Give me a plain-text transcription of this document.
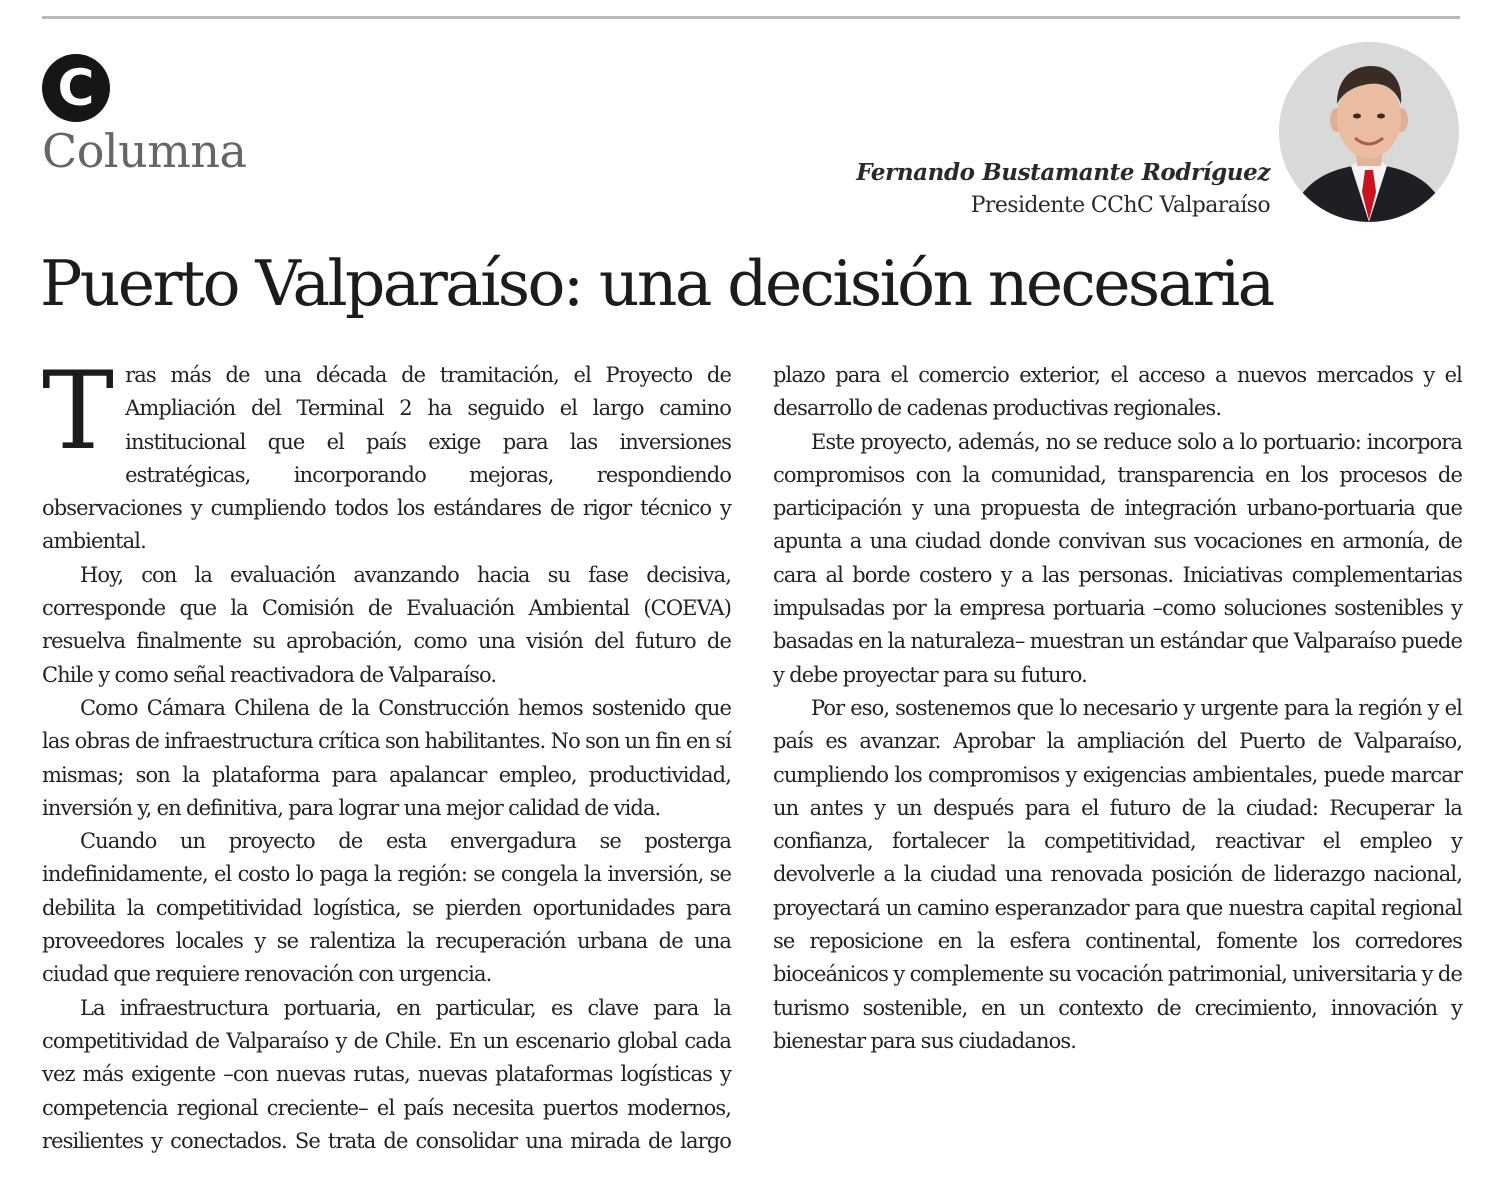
C
Columna	Fernando Bustamante Rodríguez
Presidente CChC Valparaíso
Puerto Valparaíso: una decisión necesaria

Tras más de una década de tramitación, el Proyecto de Ampliación del Terminal 2 ha seguido el largo camino institucional que el país exige para las inversiones estratégicas, incorporando mejoras, respondiendo observaciones y cumpliendo todos los estándares de rigor técnico y ambiental.

Hoy, con la evaluación avanzando hacia su fase decisiva, corresponde que la Comisión de Evaluación Ambiental (COEVA) resuelva finalmente su aprobación, como una visión del futuro de Chile y como señal reactivadora de Valparaíso.

Como Cámara Chilena de la Construcción hemos sostenido que las obras de infraestructura crítica son habilitantes. No son un fin en sí mismas; son la plataforma para apalancar empleo, productividad, inversión y, en definitiva, para lograr una mejor calidad de vida.

Cuando un proyecto de esta envergadura se posterga indefinidamente, el costo lo paga la región: se congela la inversión, se debilita la competitividad logística, se pierden oportunidades para proveedores locales y se ralentiza la recuperación urbana de una ciudad que requiere renovación con urgencia.

La infraestructura portuaria, en particular, es clave para la competitividad de Valparaíso y de Chile. En un escenario global cada vez más exigente –con nuevas rutas, nuevas plataformas logísticas y competencia regional creciente– el país necesita puertos modernos, resilientes y conectados. Se trata de consolidar una mirada de largo plazo para el comercio exterior, el acceso a nuevos mercados y el desarrollo de cadenas productivas regionales.

Este proyecto, además, no se reduce solo a lo portuario: incorpora compromisos con la comunidad, transparencia en los procesos de participación y una propuesta de integración urbano-portuaria que apunta a una ciudad donde convivan sus vocaciones en armonía, de cara al borde costero y a las personas. Iniciativas complementarias impulsadas por la empresa portuaria –como soluciones sostenibles y basadas en la naturaleza– muestran un estándar que Valparaíso puede y debe proyectar para su futuro.

Por eso, sostenemos que lo necesario y urgente para la región y el país es avanzar. Aprobar la ampliación del Puerto de Valparaíso, cumpliendo los compromisos y exigencias ambientales, puede marcar un antes y un después para el futuro de la ciudad: Recuperar la confianza, fortalecer la competitividad, reactivar el empleo y devolverle a la ciudad una renovada posición de liderazgo nacional, proyectará un camino esperanzador para que nuestra capital regional se reposicione en la esfera continental, fomente los corredores bioceánicos y complemente su vocación patrimonial, universitaria y de turismo sostenible, en un contexto de crecimiento, innovación y bienestar para sus ciudadanos.
